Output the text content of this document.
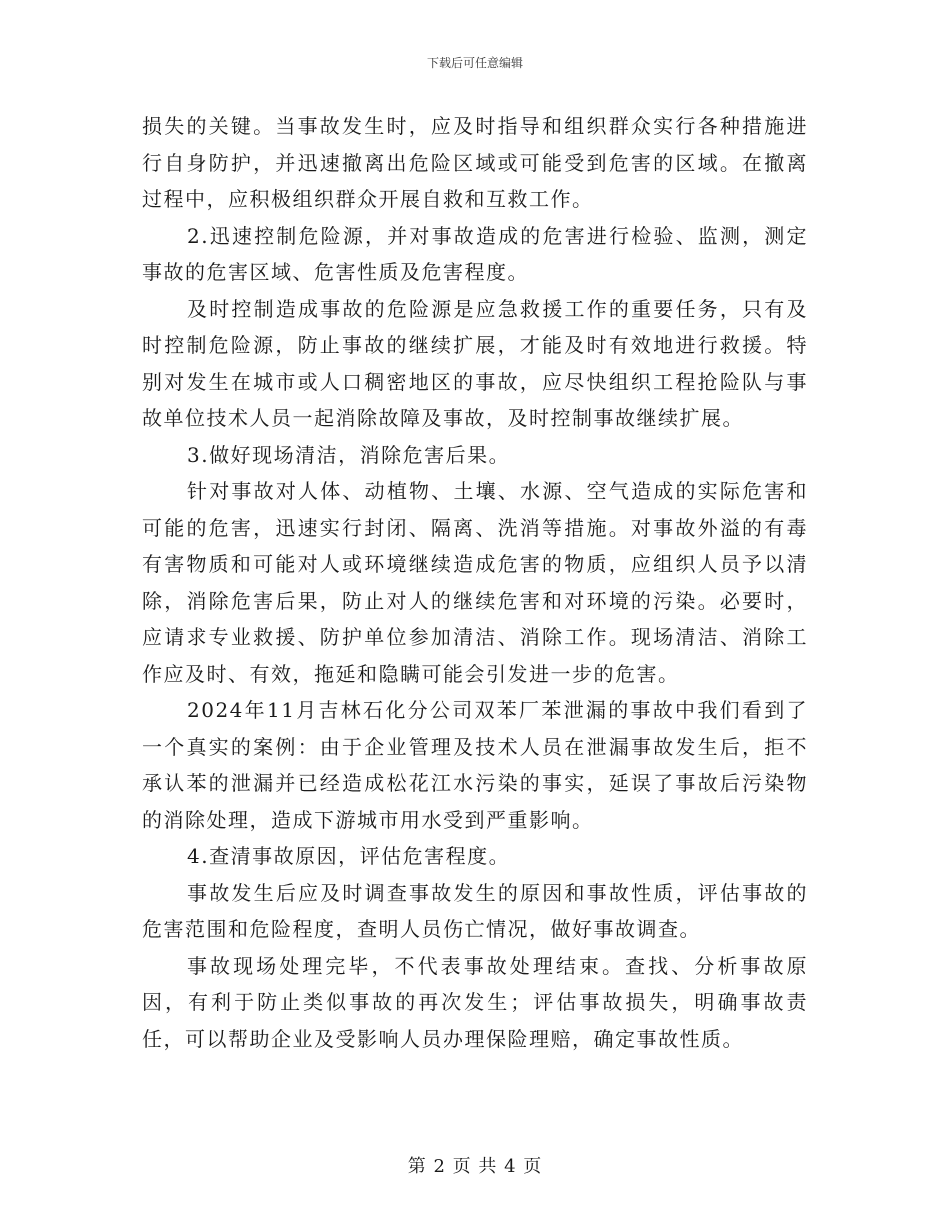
下载后可任意编辑

损失的关键。当事故发生时，应及时指导和组织群众实行各种措施进行自身防护，并迅速撤离出危险区域或可能受到危害的区域。在撤离过程中，应积极组织群众开展自救和互救工作。

2.迅速控制危险源，并对事故造成的危害进行检验、监测，测定事故的危害区域、危害性质及危害程度。

及时控制造成事故的危险源是应急救援工作的重要任务，只有及时控制危险源，防止事故的继续扩展，才能及时有效地进行救援。特别对发生在城市或人口稠密地区的事故，应尽快组织工程抢险队与事故单位技术人员一起消除故障及事故，及时控制事故继续扩展。

3.做好现场清洁，消除危害后果。

针对事故对人体、动植物、土壤、水源、空气造成的实际危害和可能的危害，迅速实行封闭、隔离、洗消等措施。对事故外溢的有毒有害物质和可能对人或环境继续造成危害的物质，应组织人员予以清除，消除危害后果，防止对人的继续危害和对环境的污染。必要时，应请求专业救援、防护单位参加清洁、消除工作。现场清洁、消除工作应及时、有效，拖延和隐瞒可能会引发进一步的危害。

2024年11月吉林石化分公司双苯厂苯泄漏的事故中我们看到了一个真实的案例：由于企业管理及技术人员在泄漏事故发生后，拒不承认苯的泄漏并已经造成松花江水污染的事实，延误了事故后污染物的消除处理，造成下游城市用水受到严重影响。

4.查清事故原因，评估危害程度。

事故发生后应及时调查事故发生的原因和事故性质，评估事故的危害范围和危险程度，查明人员伤亡情况，做好事故调查。

事故现场处理完毕，不代表事故处理结束。查找、分析事故原因，有利于防止类似事故的再次发生；评估事故损失，明确事故责任，可以帮助企业及受影响人员办理保险理赔，确定事故性质。

第 2 页 共 4 页
